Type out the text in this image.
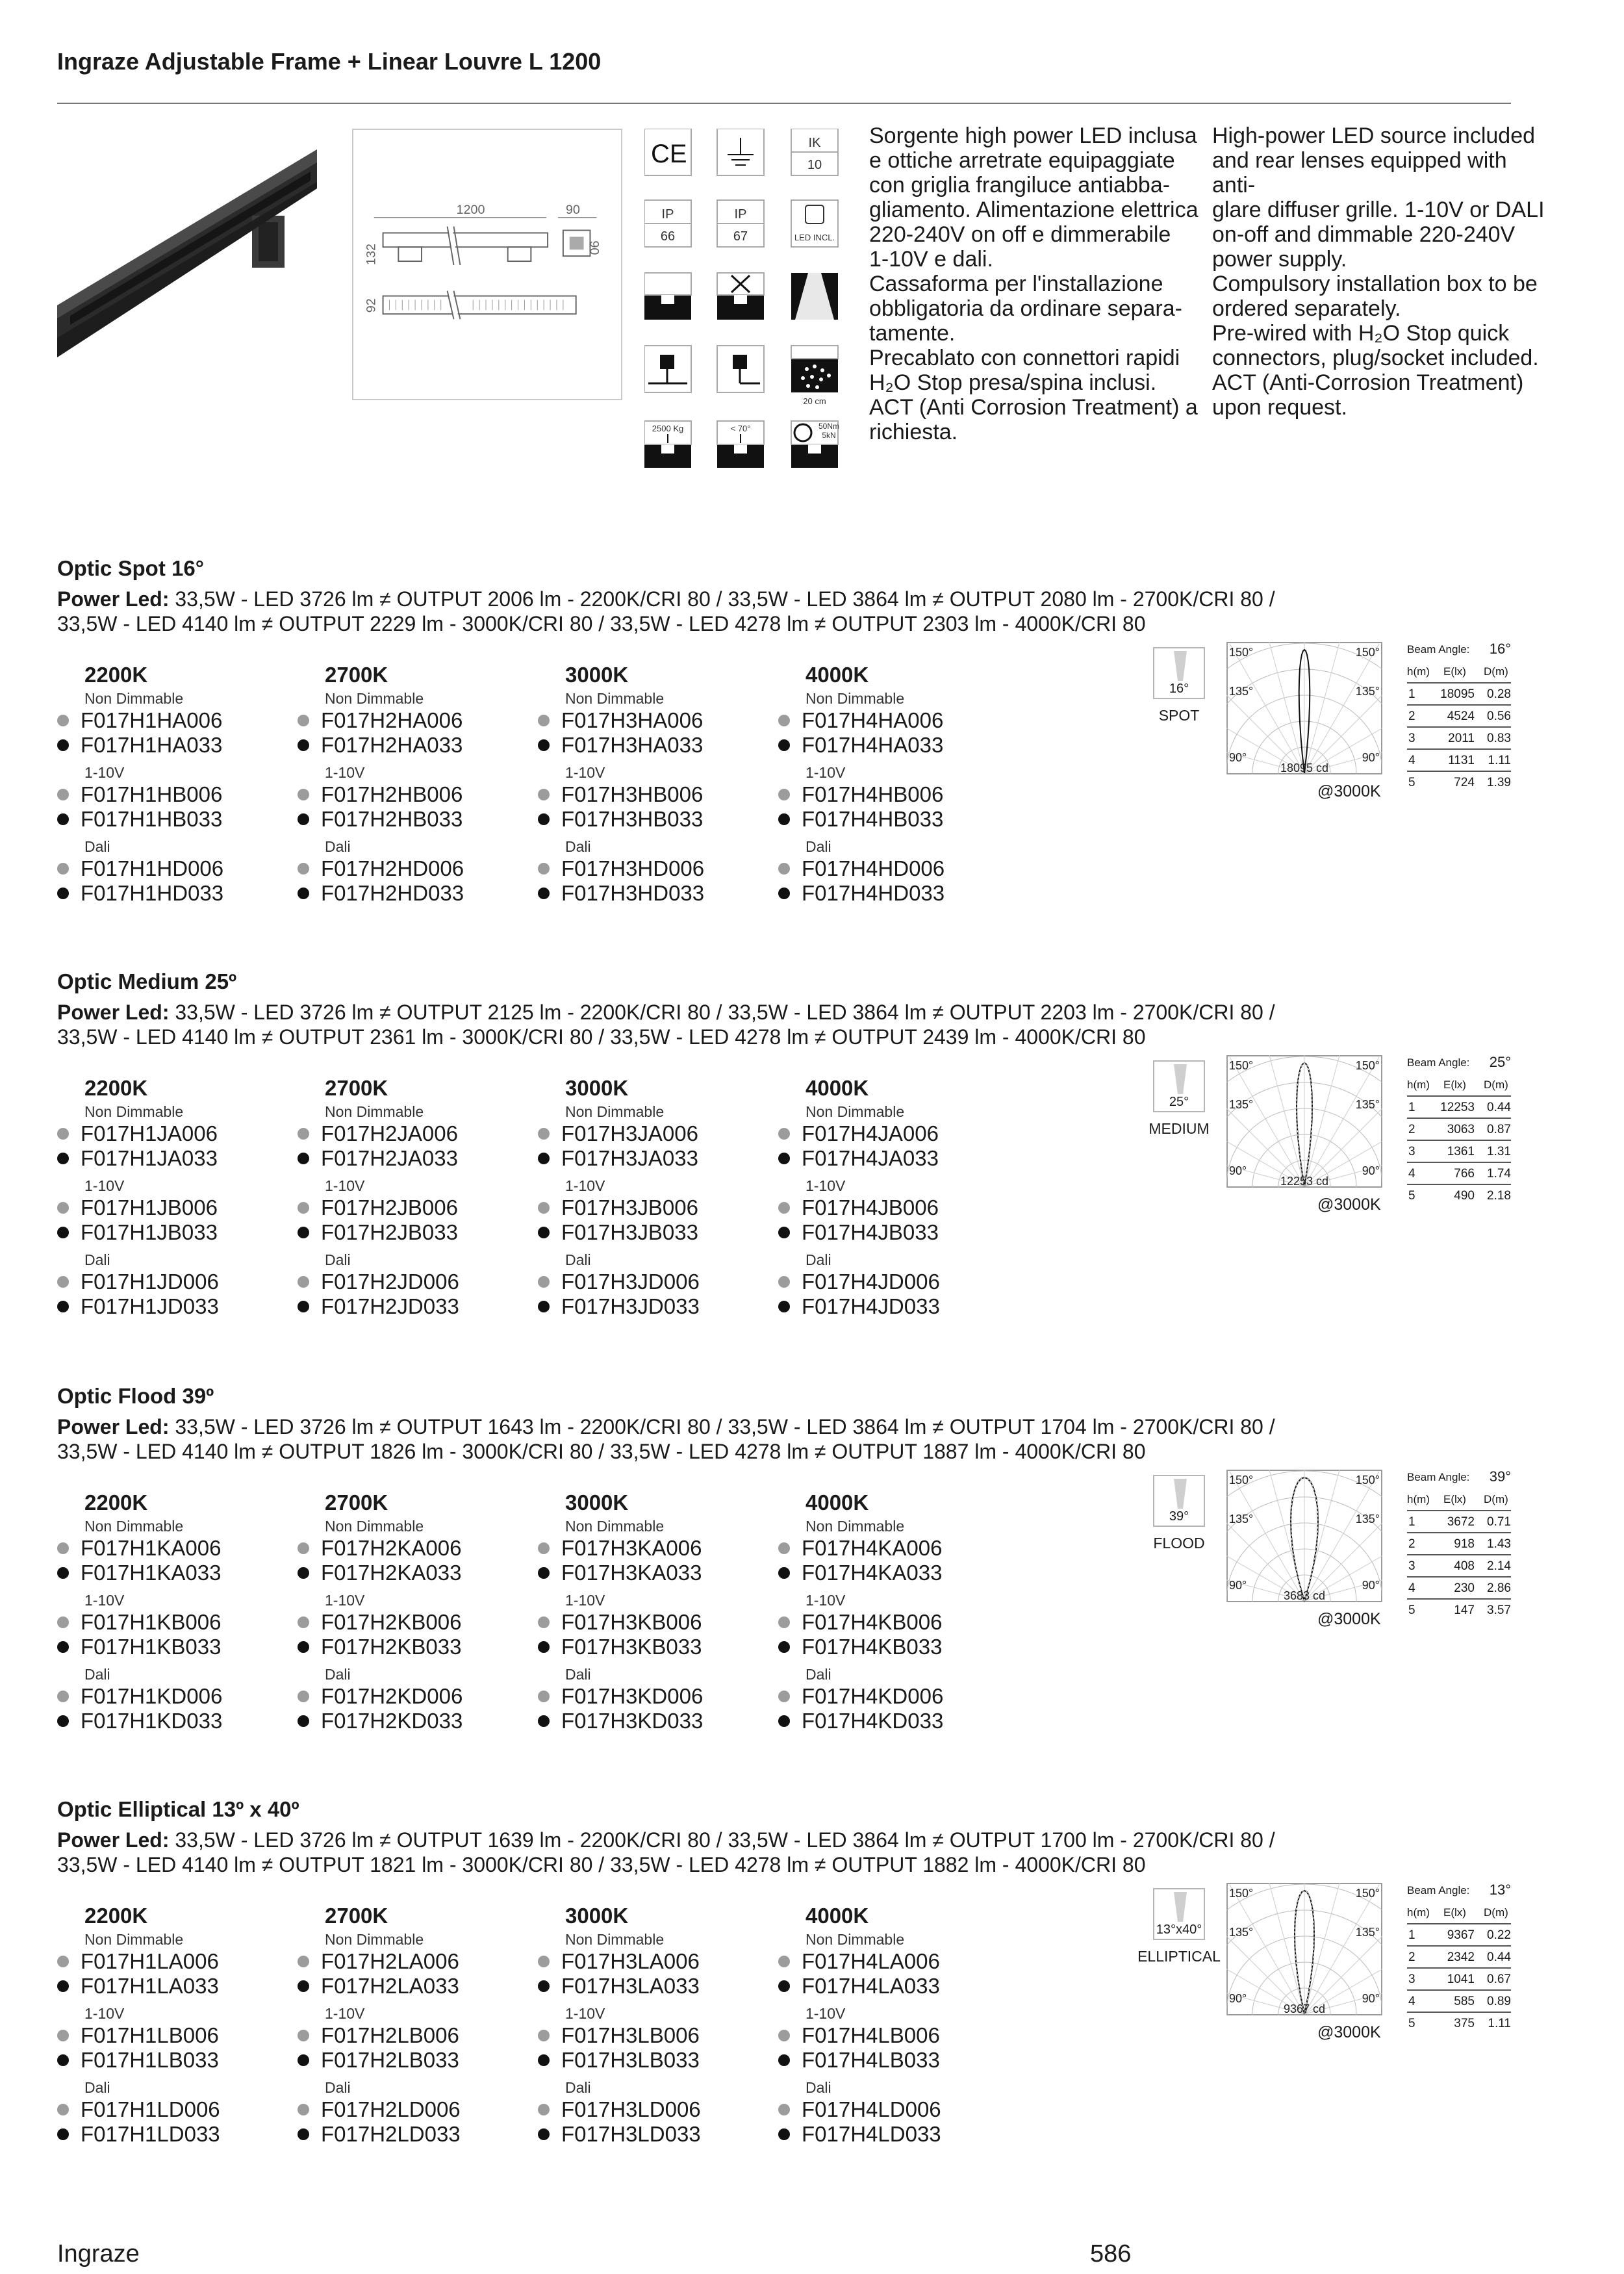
Ingraze Adjustable Frame + Linear Louvre L 1200
1200	90
132	90
92
CE	IK
10
IP
66
IP
67	LED INCL.
20 cm
2500 Kg	< 70°	50Nm
5kN
Sorgente high power LED inclusa
e ottiche arretrate equipaggiate
con griglia frangiluce antiabba-
gliamento. Alimentazione elettrica
220-240V on off e dimmerabile
1-10V e dali.
Cassaforma per l'installazione
obbligatoria da ordinare separa-
tamente.
Precablato con connettori rapidi
H₂O Stop presa/spina inclusi.
ACT (Anti Corrosion Treatment) a
richiesta.
High-power LED source included
and rear lenses equipped with anti-
glare diffuser grille. 1-10V or DALI
on-off and dimmable 220-240V
power supply.
Compulsory installation box to be
ordered separately.
Pre-wired with H₂O Stop quick
connectors, plug/socket included.
ACT (Anti-Corrosion Treatment)
upon request.
Optic Spot 16°
Power Led: 33,5W - LED 3726 lm ≠ OUTPUT 2006 lm - 2200K/CRI 80 / 33,5W - LED 3864 lm ≠ OUTPUT 2080 lm - 2700K/CRI 80 /
33,5W - LED 4140 lm ≠ OUTPUT 2229 lm - 3000K/CRI 80 / 33,5W - LED 4278 lm ≠ OUTPUT 2303 lm - 4000K/CRI 80
2200K
Non Dimmable
F017H1HA006
F017H1HA033
1-10V
F017H1HB006
F017H1HB033
Dali
F017H1HD006
F017H1HD033
2700K
Non Dimmable
F017H2HA006
F017H2HA033
1-10V
F017H2HB006
F017H2HB033
Dali
F017H2HD006
F017H2HD033
3000K
Non Dimmable
F017H3HA006
F017H3HA033
1-10V
F017H3HB006
F017H3HB033
Dali
F017H3HD006
F017H3HD033
4000K
Non Dimmable
F017H4HA006
F017H4HA033
1-10V
F017H4HB006
F017H4HB033
Dali
F017H4HD006
F017H4HD033
16°
SPOT
150°	150°
135°	135°
90°	90°
18095 cd
@3000K
Beam Angle: 16°
h(m) E(lx) D(m)
1 18095 0.28
2	4524 0.56
3	2011 0.83
4	1131 1.11
5	724 1.39
Optic Medium 25º
Power Led: 33,5W - LED 3726 lm ≠ OUTPUT 2125 lm - 2200K/CRI 80 / 33,5W - LED 3864 lm ≠ OUTPUT 2203 lm - 2700K/CRI 80 /
33,5W - LED 4140 lm ≠ OUTPUT 2361 lm - 3000K/CRI 80 / 33,5W - LED 4278 lm ≠ OUTPUT 2439 lm - 4000K/CRI 80
2200K
Non Dimmable
F017H1JA006
F017H1JA033
1-10V
F017H1JB006
F017H1JB033
Dali
F017H1JD006
F017H1JD033
2700K
Non Dimmable
F017H2JA006
F017H2JA033
1-10V
F017H2JB006
F017H2JB033
Dali
F017H2JD006
F017H2JD033
3000K
Non Dimmable
F017H3JA006
F017H3JA033
1-10V
F017H3JB006
F017H3JB033
Dali
F017H3JD006
F017H3JD033
4000K
Non Dimmable
F017H4JA006
F017H4JA033
1-10V
F017H4JB006
F017H4JB033
Dali
F017H4JD006
F017H4JD033
25°
MEDIUM
150°	150°
135°	135°
90°	90°
12253 cd
@3000K
Beam Angle: 25°
h(m) E(lx) D(m)
1 12253 0.44
2	3063 0.87
3	1361 1.31
4	766 1.74
5	490 2.18
Optic Flood 39º
Power Led: 33,5W - LED 3726 lm ≠ OUTPUT 1643 lm - 2200K/CRI 80 / 33,5W - LED 3864 lm ≠ OUTPUT 1704 lm - 2700K/CRI 80 /
33,5W - LED 4140 lm ≠ OUTPUT 1826 lm - 3000K/CRI 80 / 33,5W - LED 4278 lm ≠ OUTPUT 1887 lm - 4000K/CRI 80
2200K
Non Dimmable
F017H1KA006
F017H1KA033
1-10V
F017H1KB006
F017H1KB033
Dali
F017H1KD006
F017H1KD033
2700K
Non Dimmable
F017H2KA006
F017H2KA033
1-10V
F017H2KB006
F017H2KB033
Dali
F017H2KD006
F017H2KD033
3000K
Non Dimmable
F017H3KA006
F017H3KA033
1-10V
F017H3KB006
F017H3KB033
Dali
F017H3KD006
F017H3KD033
4000K
Non Dimmable
F017H4KA006
F017H4KA033
1-10V
F017H4KB006
F017H4KB033
Dali
F017H4KD006
F017H4KD033
39°
FLOOD
150°	150°
135°	135°
90°	90°
3683 cd
@3000K
Beam Angle: 39°
h(m) E(lx) D(m)
1	3672 0.71
2	918 1.43
3	408 2.14
4	230 2.86
5	147 3.57
Optic Elliptical 13º x 40º
Power Led: 33,5W - LED 3726 lm ≠ OUTPUT 1639 lm - 2200K/CRI 80 / 33,5W - LED 3864 lm ≠ OUTPUT 1700 lm - 2700K/CRI 80 /
33,5W - LED 4140 lm ≠ OUTPUT 1821 lm - 3000K/CRI 80 / 33,5W - LED 4278 lm ≠ OUTPUT 1882 lm - 4000K/CRI 80
2200K
Non Dimmable
F017H1LA006
F017H1LA033
1-10V
F017H1LB006
F017H1LB033
Dali
F017H1LD006
F017H1LD033
2700K
Non Dimmable
F017H2LA006
F017H2LA033
1-10V
F017H2LB006
F017H2LB033
Dali
F017H2LD006
F017H2LD033
3000K
Non Dimmable
F017H3LA006
F017H3LA033
1-10V
F017H3LB006
F017H3LB033
Dali
F017H3LD006
F017H3LD033
4000K
Non Dimmable
F017H4LA006
F017H4LA033
1-10V
F017H4LB006
F017H4LB033
Dali
F017H4LD006
F017H4LD033
13°x40°
ELLIPTICAL
150°	150°
135°	135°
90°	90°
9367 cd
@3000K
Beam Angle: 13°
h(m) E(lx) D(m)
1	9367 0.22
2	2342 0.44
3	1041 0.67
4	585 0.89
5	375 1.11
Ingraze	586
